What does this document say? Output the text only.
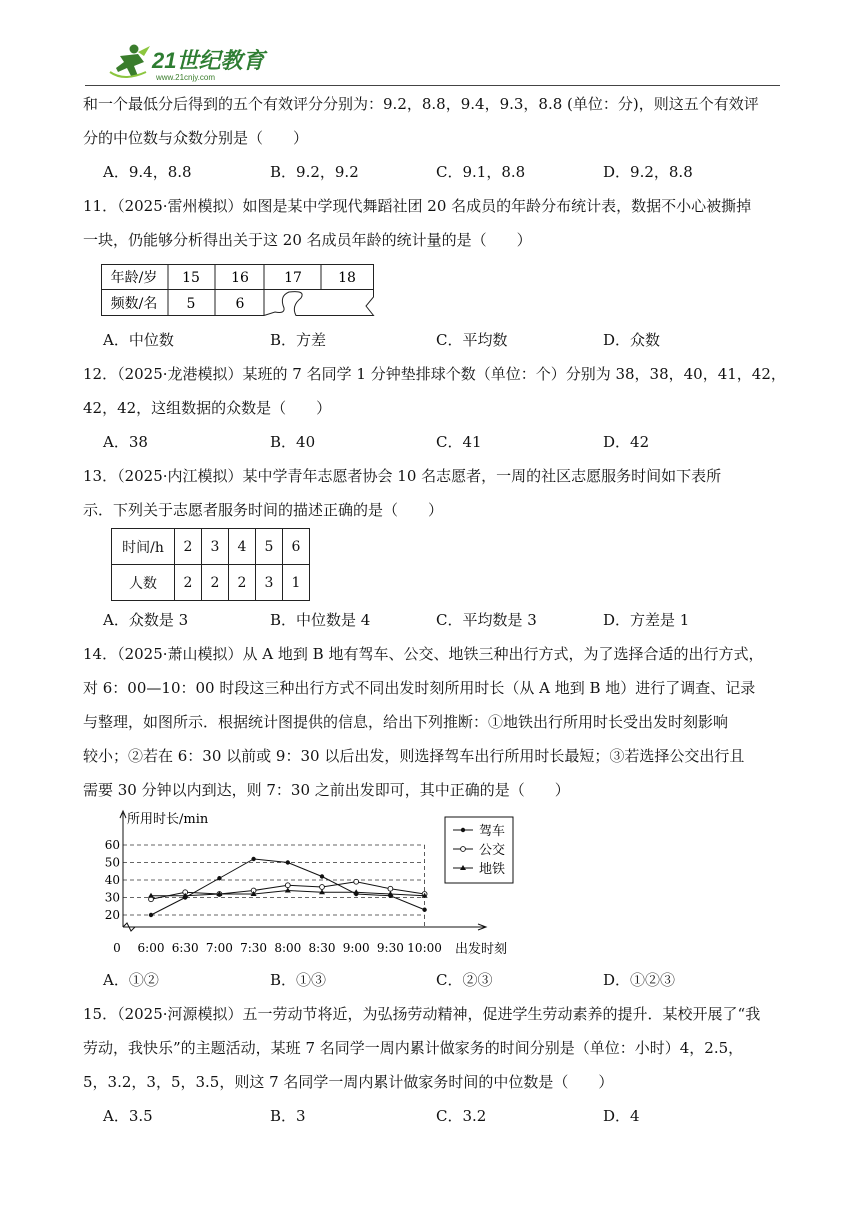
21世纪教育
www.21cnjy.com
和一个最低分后得到的五个有效评分分别为：9.2，8.8，9.4，9.3，8.8 (单位：分)，则这五个有效评
分的中位数与众数分别是（　　）
A．9.4，8.8	B．9.2，9.2	C．9.1，8.8	D．9.2，8.8
11．（2025·雷州模拟）如图是某中学现代舞蹈社团 20 名成员的年龄分布统计表，数据不小心被撕掉
一块，仍能够分析得出关于这 20 名成员年龄的统计量的是（　　）
年龄/岁 15 16	17	18
频数/名 5	6
A．中位数	B．方差	C．平均数	D．众数
12．（2025·龙港模拟）某班的 7 名同学 1 分钟垫排球个数（单位：个）分别为 38，38，40，41，42，
42，42，这组数据的众数是（　　）
A．38	B．40	C．41	D．42
13．（2025·内江模拟）某中学青年志愿者协会 10 名志愿者，一周的社区志愿服务时间如下表所
示．下列关于志愿者服务时间的描述正确的是（　　）
时间/h	2	3	4	5	6
人数	2	2	2	3	1
A．众数是 3	B．中位数是 4	C．平均数是 3	D．方差是 1
14．（2025·萧山模拟）从 A 地到 B 地有驾车、公交、地铁三种出行方式，为了选择合适的出行方式，
对 6：00—10：00 时段这三种出行方式不同出发时刻所用时长（从 A 地到 B 地）进行了调查、记录
与整理，如图所示．根据统计图提供的信息，给出下列推断：①地铁出行所用时长受出发时刻影响
较小；②若在 6：30 以前或 9：30 以后出发，则选择驾车出行所用时长最短；③若选择公交出行且
需要 30 分钟以内到达，则 7：30 之前出发即可，其中正确的是（　　）
20
30
40
50
60
所用时长/min
出发时刻
0 6:00 6:30 7:00 7:30 8:00 8:30 9:00 9:30 10:00
驾车
公交
地铁
A．①②	B．①③	C．②③	D．①②③
15．（2025·河源模拟）五一劳动节将近，为弘扬劳动精神，促进学生劳动素养的提升．某校开展了“我
劳动，我快乐”的主题活动，某班 7 名同学一周内累计做家务的时间分别是（单位：小时）4，2.5，
5，3.2，3，5，3.5，则这 7 名同学一周内累计做家务时间的中位数是（　　）
A．3.5	B．3	C．3.2	D．4
